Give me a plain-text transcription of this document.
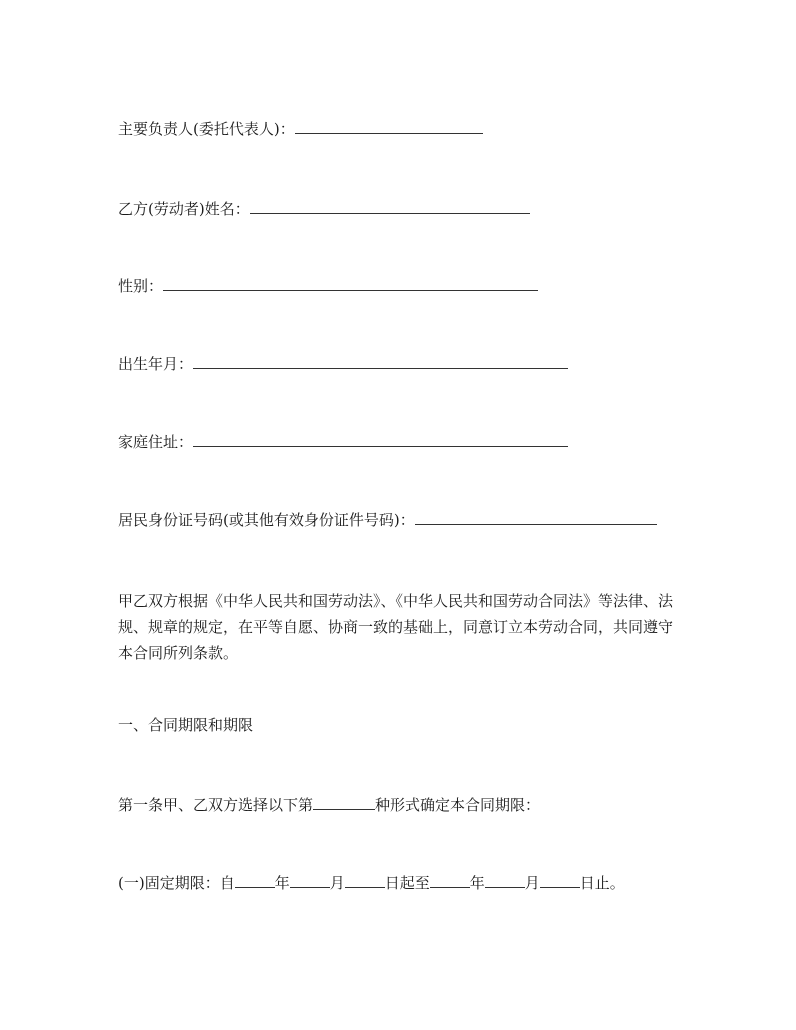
主要负责人(委托代表人)：
乙方(劳动者)姓名：
性别：
出生年月：
家庭住址：
居民身份证号码(或其他有效身份证件号码)：
甲乙双方根据《中华人民共和国劳动法》、《中华人民共和国劳动合同法》等法律、法规、规章的规定，在平等自愿、协商一致的基础上，同意订立本劳动合同，共同遵守本合同所列条款。
一、合同期限和期限
第一条甲、乙双方选择以下第	种形式确定本合同期限：
(一)固定期限：自	年	月	日起至	年	月	日止。
